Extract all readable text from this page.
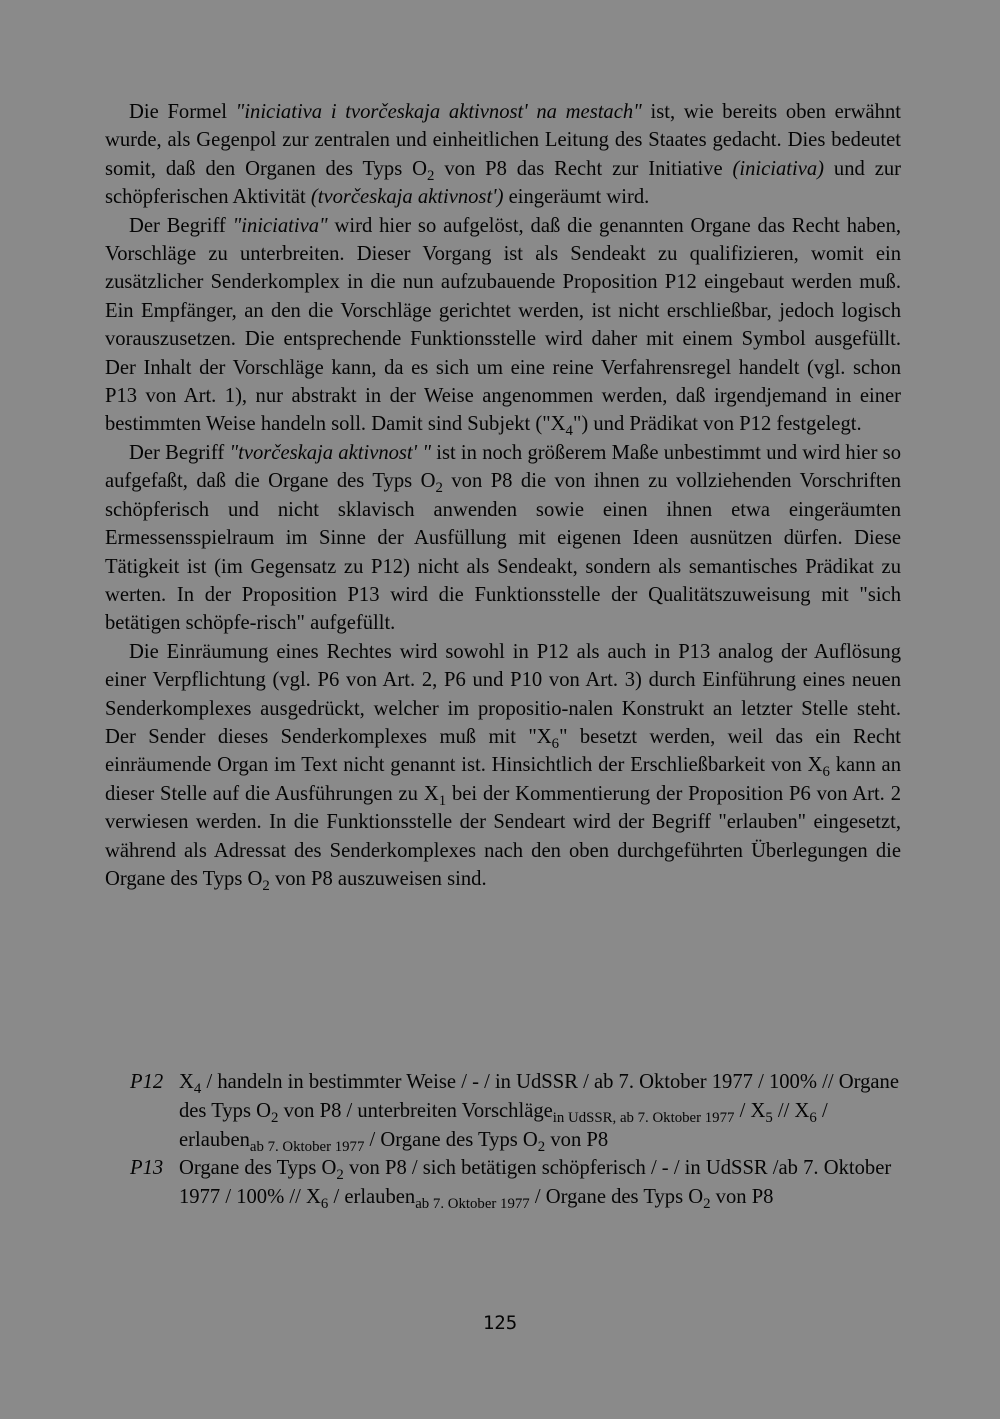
Die Formel "iniciativa i tvorčeskaja aktivnost' na mestach" ist, wie bereits oben erwähnt wurde, als Gegenpol zur zentralen und einheitlichen Leitung des Staates gedacht. Dies bedeutet somit, daß den Organen des Typs $O_2$ von P8 das Recht zur Initiative (iniciativa) und zur schöpferischen Aktivität (tvorčeskaja aktivnost') eingeräumt wird.

Der Begriff "iniciativa" wird hier so aufgelöst, daß die genannten Organe das Recht haben, Vorschläge zu unterbreiten. Dieser Vorgang ist als Sendeakt zu qualifizieren, womit ein zusätzlicher Senderkomplex in die nun aufzubauende Proposition P12 eingebaut werden muß. Ein Empfänger, an den die Vorschläge gerichtet werden, ist nicht erschließbar, jedoch logisch vorauszusetzen. Die entsprechende Funktionsstelle wird daher mit einem Symbol ausgefüllt. Der Inhalt der Vorschläge kann, da es sich um eine reine Verfahrensregel handelt (vgl. schon P13 von Art. 1), nur abstrakt in der Weise angenommen werden, daß irgendjemand in einer bestimmten Weise handeln soll. Damit sind Subjekt $("X_4")$ und Prädikat von P12 festgelegt.

Der Begriff "tvorčeskaja aktivnost' " ist in noch größerem Maße unbestimmt und wird hier so aufgefaßt, daß die Organe des Typs $O_2$ von P8 die von ihnen zu vollziehenden Vorschriften schöpferisch und nicht sklavisch anwenden sowie einen ihnen etwa eingeräumten Ermessensspielraum im Sinne der Ausfüllung mit eigenen Ideen ausnützen dürfen. Diese Tätigkeit ist (im Gegensatz zu P12) nicht als Sendeakt, sondern als semantisches Prädikat zu werten. In der Proposition P13 wird die Funktionsstelle der Qualitätszuweisung mit "sich betätigen schöpfe-risch" aufgefüllt.

Die Einräumung eines Rechtes wird sowohl in P12 als auch in P13 analog der Auflösung einer Verpflichtung (vgl. P6 von Art. 2, P6 und P10 von Art. 3) durch Einführung eines neuen Senderkomplexes ausgedrückt, welcher im propositio-nalen Konstrukt an letzter Stelle steht. Der Sender dieses Senderkomplexes muß mit "$X_6$" besetzt werden, weil das ein Recht einräumende Organ im Text nicht genannt ist. Hinsichtlich der Erschließbarkeit von $X_6$ kann an dieser Stelle auf die Ausführungen zu $X_1$ bei der Kommentierung der Proposition P6 von Art. 2 verwiesen werden. In die Funktionsstelle der Sendeart wird der Begriff "erlauben" eingesetzt, während als Adressat des Senderkomplexes nach den oben durchgeführten Überlegungen die Organe des Typs $O_2$ von P8 auszuweisen sind.

P12 $X_4$ / handeln in bestimmter Weise / - / in UdSSR / ab 7. Oktober 1977 / 100% // Organe des Typs $O_2$ von P8 / unterbreiten Vorschläge$_{in UdSSR, ab 7. Oktober 1977}$ / $X_5 // X_6$ / erlauben$_{ab 7. Oktober 1977}$ / Organe des Typs $O_2$ von P8
P13 Organe des Typs $O_2$ von P8 / sich betätigen schöpferisch / - / in UdSSR /ab 7. Oktober $1977 / 100\% // X_6$ / erlauben$_{ab 7. Oktober 1977}$ / Organe des Typs $O_2$ von P8
125
